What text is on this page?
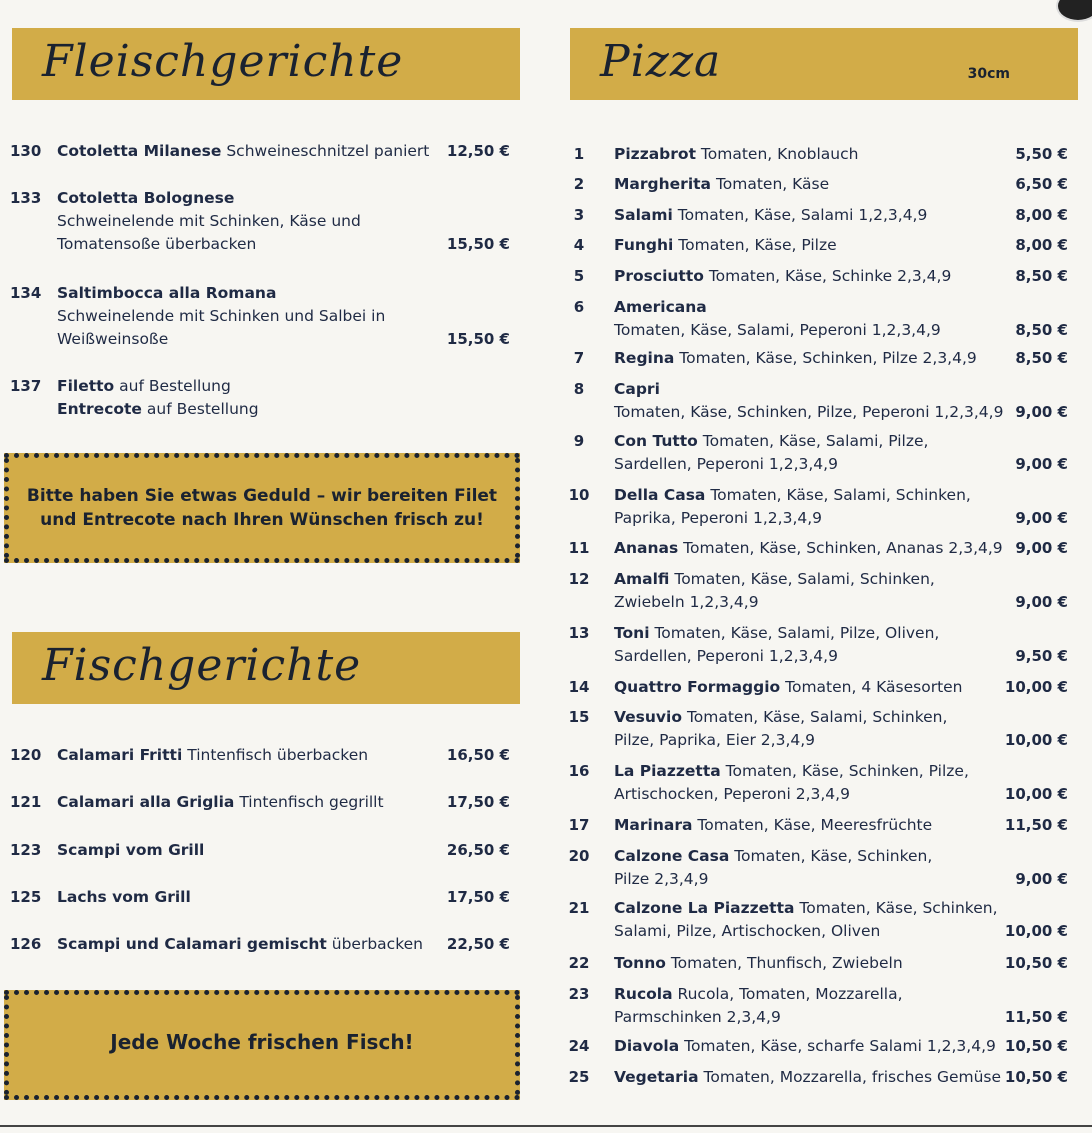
Fleischgerichte
130 Cotoletta Milanese Schweineschnitzel paniert	12,50 €
133 Cotoletta Bolognese
Schweinelende mit Schinken, Käse und Tomatensoße überbacken	15,50 €
134 Saltimbocca alla Romana
Schweinelende mit Schinken und Salbei in Weißweinsoße	15,50 €
137 Filetto auf Bestellung
Entrecote auf Bestellung
Bitte haben Sie etwas Geduld – wir bereiten Filet
und Entrecote nach Ihren Wünschen frisch zu!
Fischgerichte
120 Calamari Fritti Tintenfisch überbacken	16,50 €
121 Calamari alla Griglia Tintenfisch gegrillt	17,50 €
123 Scampi vom Grill	26,50 €
125 Lachs vom Grill	17,50 €
126 Scampi und Calamari gemischt überbacken	22,50 €
Jede Woche frischen Fisch!
Pizza	30cm
1	Pizzabrot Tomaten, Knoblauch	5,50 €
2	Margherita Tomaten, Käse	6,50 €
3	Salami Tomaten, Käse, Salami 1,2,3,4,9	8,00 €
4	Funghi Tomaten, Käse, Pilze	8,00 €
5	Prosciutto Tomaten, Käse, Schinke 2,3,4,9	8,50 €
6	Americana
Tomaten, Käse, Salami, Peperoni 1,2,3,4,9	8,50 €
7	Regina Tomaten, Käse, Schinken, Pilze 2,3,4,9	8,50 €
8	Capri
Tomaten, Käse, Schinken, Pilze, Peperoni 1,2,3,4,9 9,00 €
9	Con Tutto Tomaten, Käse, Salami, Pilze,
Sardellen, Peperoni 1,2,3,4,9	9,00 €
10 Della Casa Tomaten, Käse, Salami, Schinken,
Paprika, Peperoni 1,2,3,4,9	9,00 €
11 Ananas Tomaten, Käse, Schinken, Ananas 2,3,4,9 9,00 €
12 Amalfi Tomaten, Käse, Salami, Schinken,
Zwiebeln 1,2,3,4,9	9,00 €
13 Toni Tomaten, Käse, Salami, Pilze, Oliven,
Sardellen, Peperoni 1,2,3,4,9	9,50 €
14 Quattro Formaggio Tomaten, 4 Käsesorten	10,00 €
15 Vesuvio Tomaten, Käse, Salami, Schinken,
Pilze, Paprika, Eier 2,3,4,9	10,00 €
16 La Piazzetta Tomaten, Käse, Schinken, Pilze,
Artischocken, Peperoni 2,3,4,9	10,00 €
17 Marinara Tomaten, Käse, Meeresfrüchte	11,50 €
20 Calzone Casa Tomaten, Käse, Schinken,
Pilze 2,3,4,9	9,00 €
21 Calzone La Piazzetta Tomaten, Käse, Schinken,
Salami, Pilze, Artischocken, Oliven	10,00 €
22 Tonno Tomaten, Thunfisch, Zwiebeln	10,50 €
23 Rucola Rucola, Tomaten, Mozzarella,
Parmschinken 2,3,4,9	11,50 €
24 Diavola Tomaten, Käse, scharfe Salami 1,2,3,4,9 10,50 €
25 Vegetaria Tomaten, Mozzarella, frisches Gemüse 10,50 €
